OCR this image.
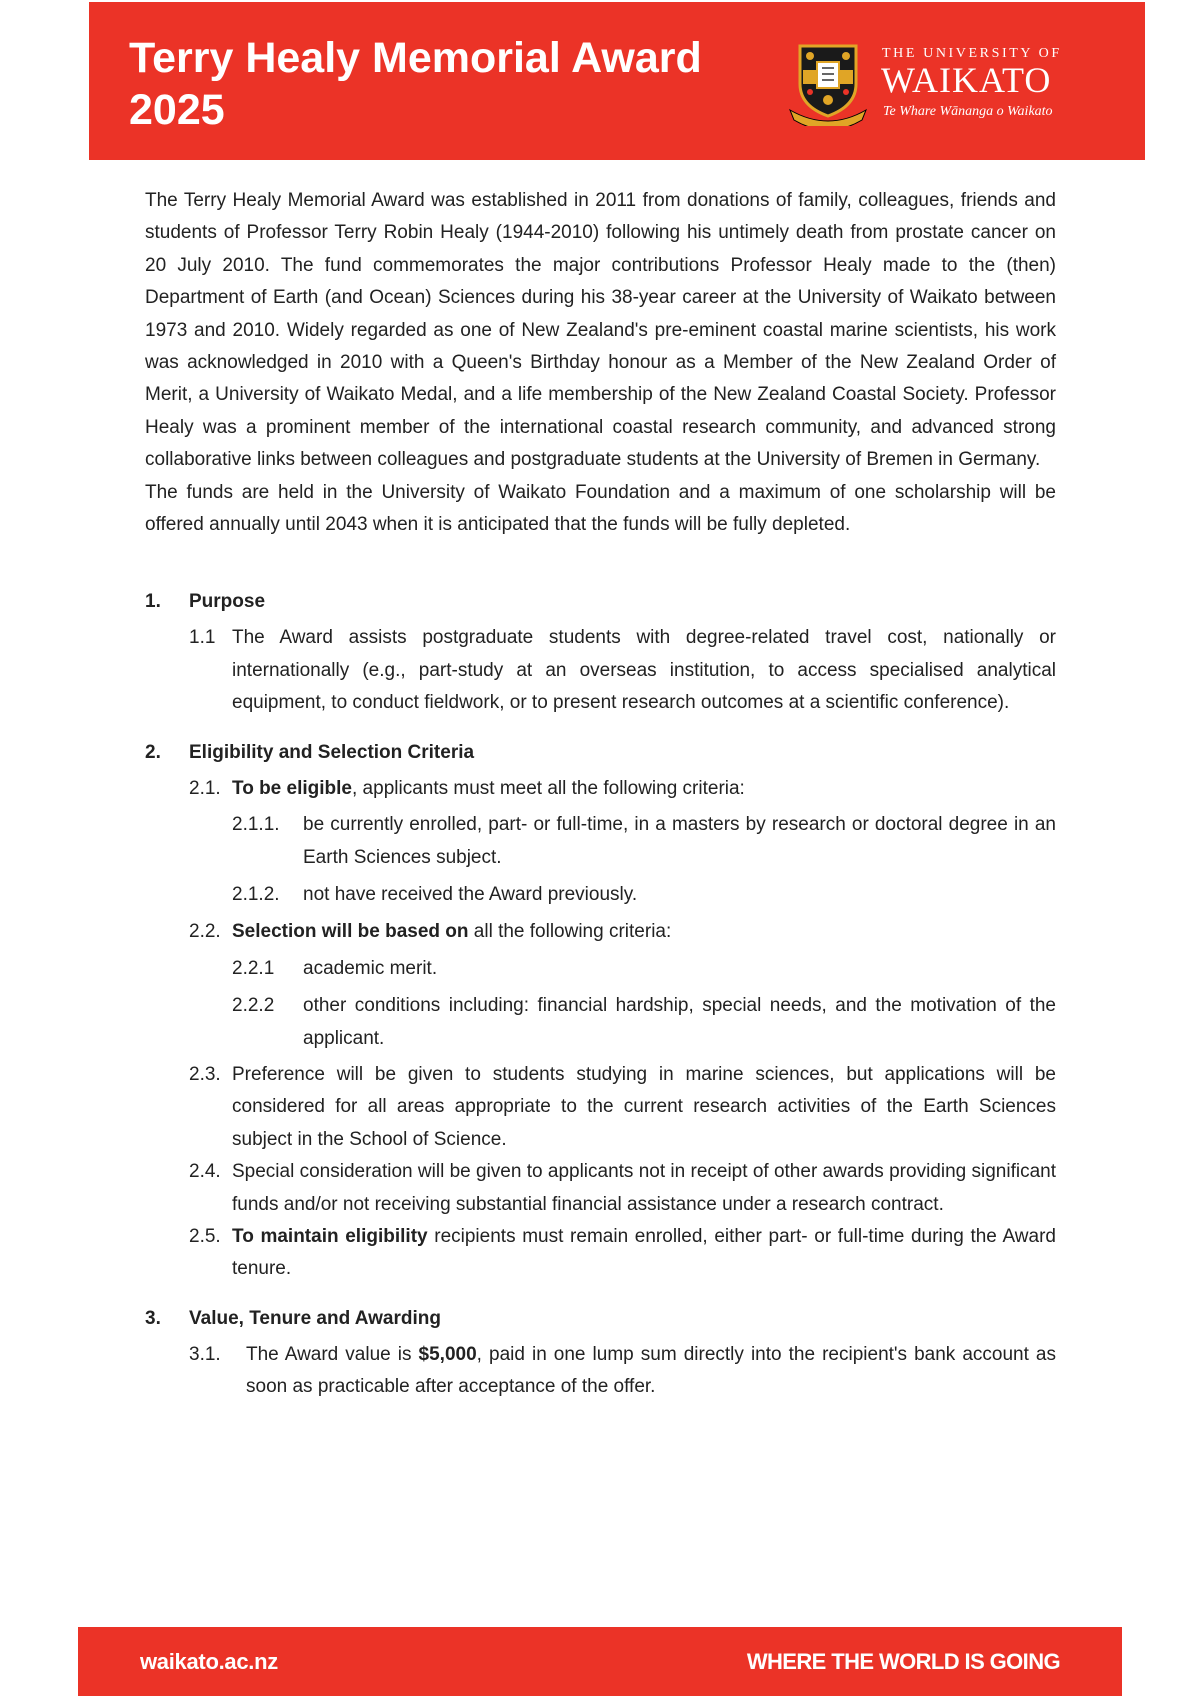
Terry Healy Memorial Award
2025
THE UNIVERSITY OF
WAIKATO
Te Whare Wānanga o Waikato

The Terry Healy Memorial Award was established in 2011 from donations of family, colleagues, friends and students of Professor Terry Robin Healy (1944-2010) following his untimely death from prostate cancer on 20 July 2010. The fund commemorates the major contributions Professor Healy made to the (then) Department of Earth (and Ocean) Sciences during his 38-year career at the University of Waikato between 1973 and 2010. Widely regarded as one of New Zealand's pre-eminent coastal marine scientists, his work was acknowledged in 2010 with a Queen's Birthday honour as a Member of the New Zealand Order of Merit, a University of Waikato Medal, and a life membership of the New Zealand Coastal Society. Professor Healy was a prominent member of the international coastal research community, and advanced strong collaborative links between colleagues and postgraduate students at the University of Bremen in Germany.

The funds are held in the University of Waikato Foundation and a maximum of one scholarship will be offered annually until 2043 when it is anticipated that the funds will be fully depleted.

1.	Purpose
1.1 The Award assists postgraduate students with degree-related travel cost, nationally or internationally (e.g., part-study at an overseas institution, to access specialised analytical equipment, to conduct fieldwork, or to present research outcomes at a scientific conference).
2.	Eligibility and Selection Criteria
2.1. To be eligible, applicants must meet all the following criteria:
2.1.1.	be currently enrolled, part- or full-time, in a masters by research or doctoral degree in an Earth Sciences subject.
2.1.2.	not have received the Award previously.
2.2. Selection will be based on all the following criteria:
2.2.1	academic merit.
2.2.2	other conditions including: financial hardship, special needs, and the motivation of the applicant.
2.3. Preference will be given to students studying in marine sciences, but applications will be considered for all areas appropriate to the current research activities of the Earth Sciences subject in the School of Science.
2.4. Special consideration will be given to applicants not in receipt of other awards providing significant funds and/or not receiving substantial financial assistance under a research contract.
2.5. To maintain eligibility recipients must remain enrolled, either part- or full-time during the Award tenure.
3.	Value, Tenure and Awarding
3.1.	The Award value is $5,000, paid in one lump sum directly into the recipient's bank account as soon as practicable after acceptance of the offer.
waikato.ac.nz	WHERE THE WORLD IS GOING
